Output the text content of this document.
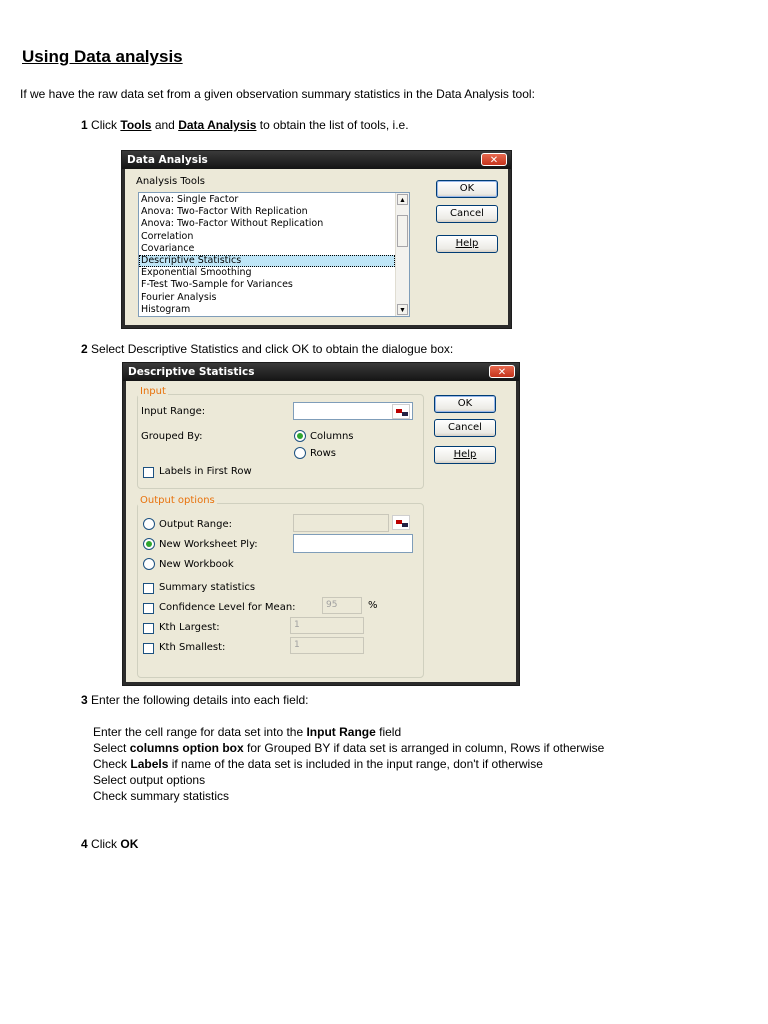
Using Data analysis
If we have the raw data set from a given observation summary statistics in the Data Analysis tool:
1 Click Tools and Data Analysis to obtain the list of tools, i.e.
Data Analysis	✕
Analysis Tools
Anova: Single Factor
Anova: Two-Factor With Replication
Anova: Two-Factor Without Replication
Correlation
Covariance
Descriptive Statistics
Exponential Smoothing
F-Test Two-Sample for Variances
Fourier Analysis
Histogram
▲
▼
OK
Cancel
Help
2 Select Descriptive Statistics and click OK to obtain the dialogue box:
Descriptive Statistics	✕
Input
Input Range:
Grouped By:	Columns
Rows
Labels in First Row
Output options
Output Range:
New Worksheet Ply:
New Workbook
Summary statistics
Confidence Level for Mean:	95	%
Kth Largest:	1
Kth Smallest:	1
OK
Cancel
Help
3 Enter the following details into each field:
Enter the cell range for data set into the Input Range field
Select columns option box for Grouped BY if data set is arranged in column, Rows if otherwise
Check Labels if name of the data set is included in the input range, don't if otherwise
Select output options
Check summary statistics
4 Click OK
